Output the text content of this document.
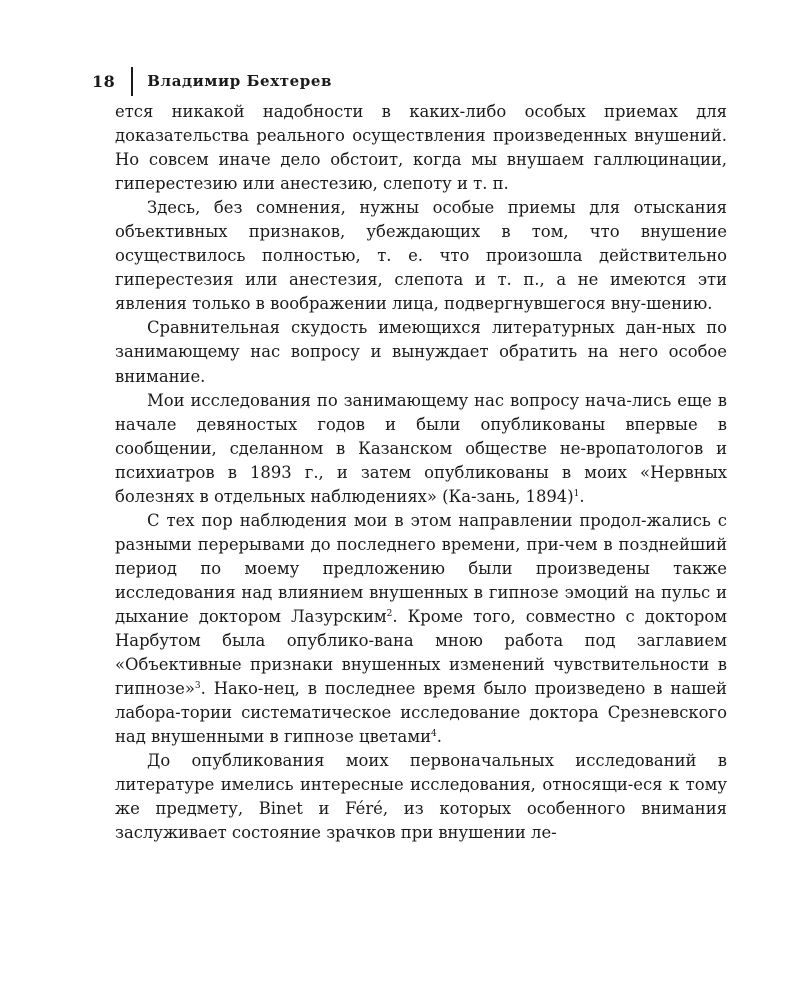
18 Владимир Бехтерев

ется никакой надобности в каких-либо особых приемах для доказательства реального осуществления произведенных внушений. Но совсем иначе дело обстоит, когда мы внушаем галлюцинации, гиперестезию или анестезию, слепоту и т. п.

Здесь, без сомнения, нужны особые приемы для отыскания объективных признаков, убеждающих в том, что внушение осуществилось полностью, т. е. что произошла действительно гиперестезия или анестезия, слепота и т. п., а не имеются эти явления только в воображении лица, подвергнувшегося вну-шению.

Сравнительная скудость имеющихся литературных дан-ных по занимающему нас вопросу и вынуждает обратить на него особое внимание.

Мои исследования по занимающему нас вопросу нача-лись еще в начале девяностых годов и были опубликованы впервые в сообщении, сделанном в Казанском обществе не-вропатологов и психиатров в 1893 г., и затем опубликованы в моих «Нервных болезнях в отдельных наблюдениях» (Ка-зань, 1894)$^1$.

С тех пор наблюдения мои в этом направлении продол-жались с разными перерывами до последнего времени, при-чем в позднейший период по моему предложению были произведены также исследования над влиянием внушенных в гипнозе эмоций на пульс и дыхание доктором Лазурским$^2$. Кроме того, совместно с доктором Нарбутом была опублико-вана мною работа под заглавием «Объективные признаки внушенных изменений чувствительности в гипнозе»$^3$. Нако-нец, в последнее время было произведено в нашей лабора-тории систематическое исследование доктора Срезневского над внушенными в гипнозе цветами$^4$.

До опубликования моих первоначальных исследований в литературе имелись интересные исследования, относящи-еся к тому же предмету, Binet и Féré, из которых особенного внимания заслуживает состояние зрачков при внушении ле-
